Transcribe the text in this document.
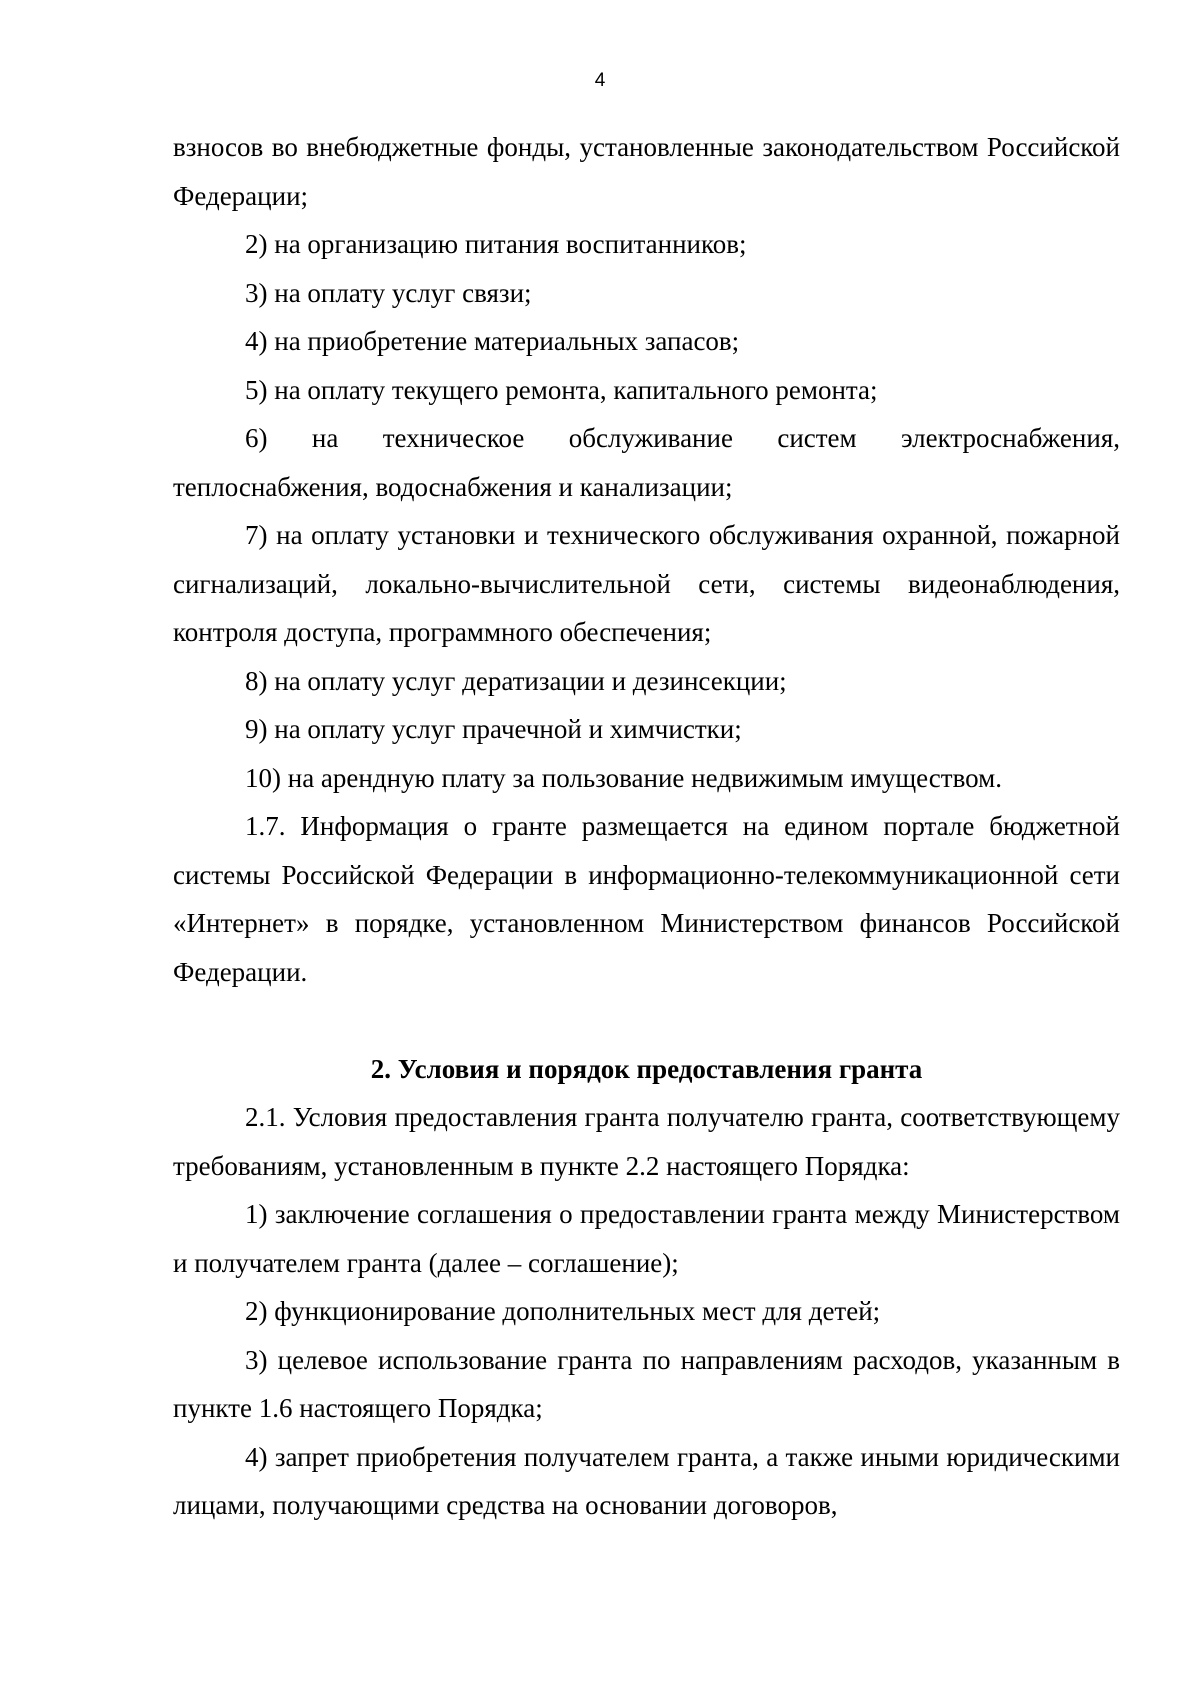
4

взносов во внебюджетные фонды, установленные законодательством Российской Федерации;

2) на организацию питания воспитанников;

3) на оплату услуг связи;

4) на приобретение материальных запасов;

5) на оплату текущего ремонта, капитального ремонта;

6) на техническое обслуживание систем электроснабжения, теплоснабжения, водоснабжения и канализации;

7) на оплату установки и технического обслуживания охранной, пожарной сигнализаций, локально-вычислительной сети, системы видеонаблюдения, контроля доступа, программного обеспечения;

8) на оплату услуг дератизации и дезинсекции;

9) на оплату услуг прачечной и химчистки;

10) на арендную плату за пользование недвижимым имуществом.

1.7. Информация о гранте размещается на едином портале бюджетной системы Российской Федерации в информационно-телекоммуникационной сети «Интернет» в порядке, установленном Министерством финансов Российской Федерации.

2. Условия и порядок предоставления гранта

2.1. Условия предоставления гранта получателю гранта, соответствующему требованиям, установленным в пункте 2.2 настоящего Порядка:

1) заключение соглашения о предоставлении гранта между Министерством и получателем гранта (далее – соглашение);

2) функционирование дополнительных мест для детей;

3) целевое использование гранта по направлениям расходов, указанным в пункте 1.6 настоящего Порядка;

4) запрет приобретения получателем гранта, а также иными юридическими лицами, получающими средства на основании договоров,
